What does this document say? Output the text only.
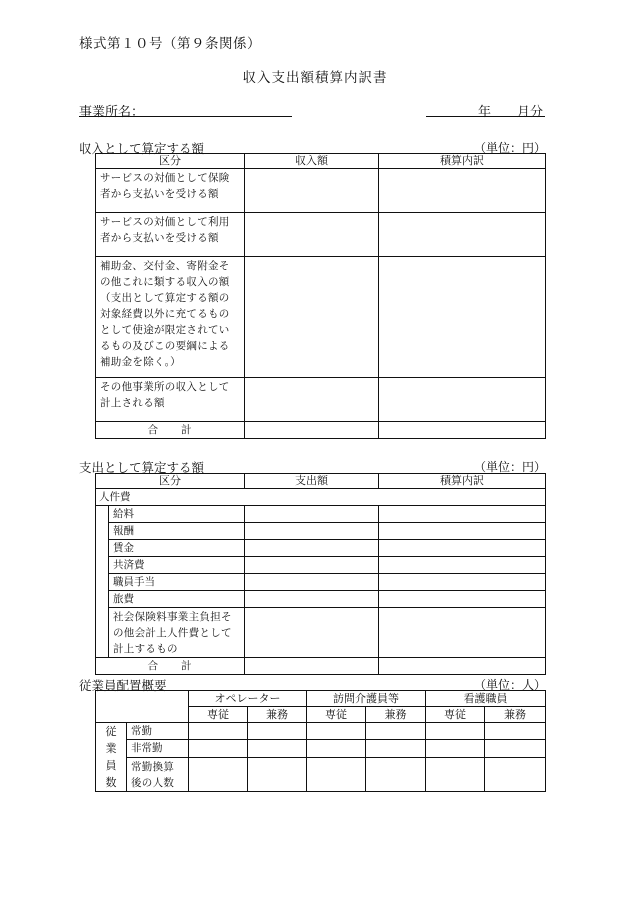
様式第１０号（第９条関係）
収入支出額積算内訳書
事業所名：	年 月分
収入として算定する額	（単位：円）
区分	収入額	積算内訳
サービスの対価として保険者から支払いを受ける額		
サービスの対価として利用者から支払いを受ける額		
補助金、交付金、寄附金その他これに類する収入の額（支出として算定する額の対象経費以外に充てるものとして使途が限定されているもの及びこの要綱による補助金を除く。）		
その他事業所の収入として計上される額		
合 計		
支出として算定する額	（単位：円）
区分		支出額	積算内訳
人件費			
	給料		
	報酬		
	賃金		
	共済費		
	職員手当		
	旅費		
	社会保険料事業主負担その他会計上人件費として計上するもの		
合 計			
従業員配置概要	（単位：人）
		オペレーター		訪問介護員等		看護職員	
		専従	兼務	専従	兼務	専従	兼務

従
業
員
数	常勤						
	非常勤						
	常勤換算後の人数						
